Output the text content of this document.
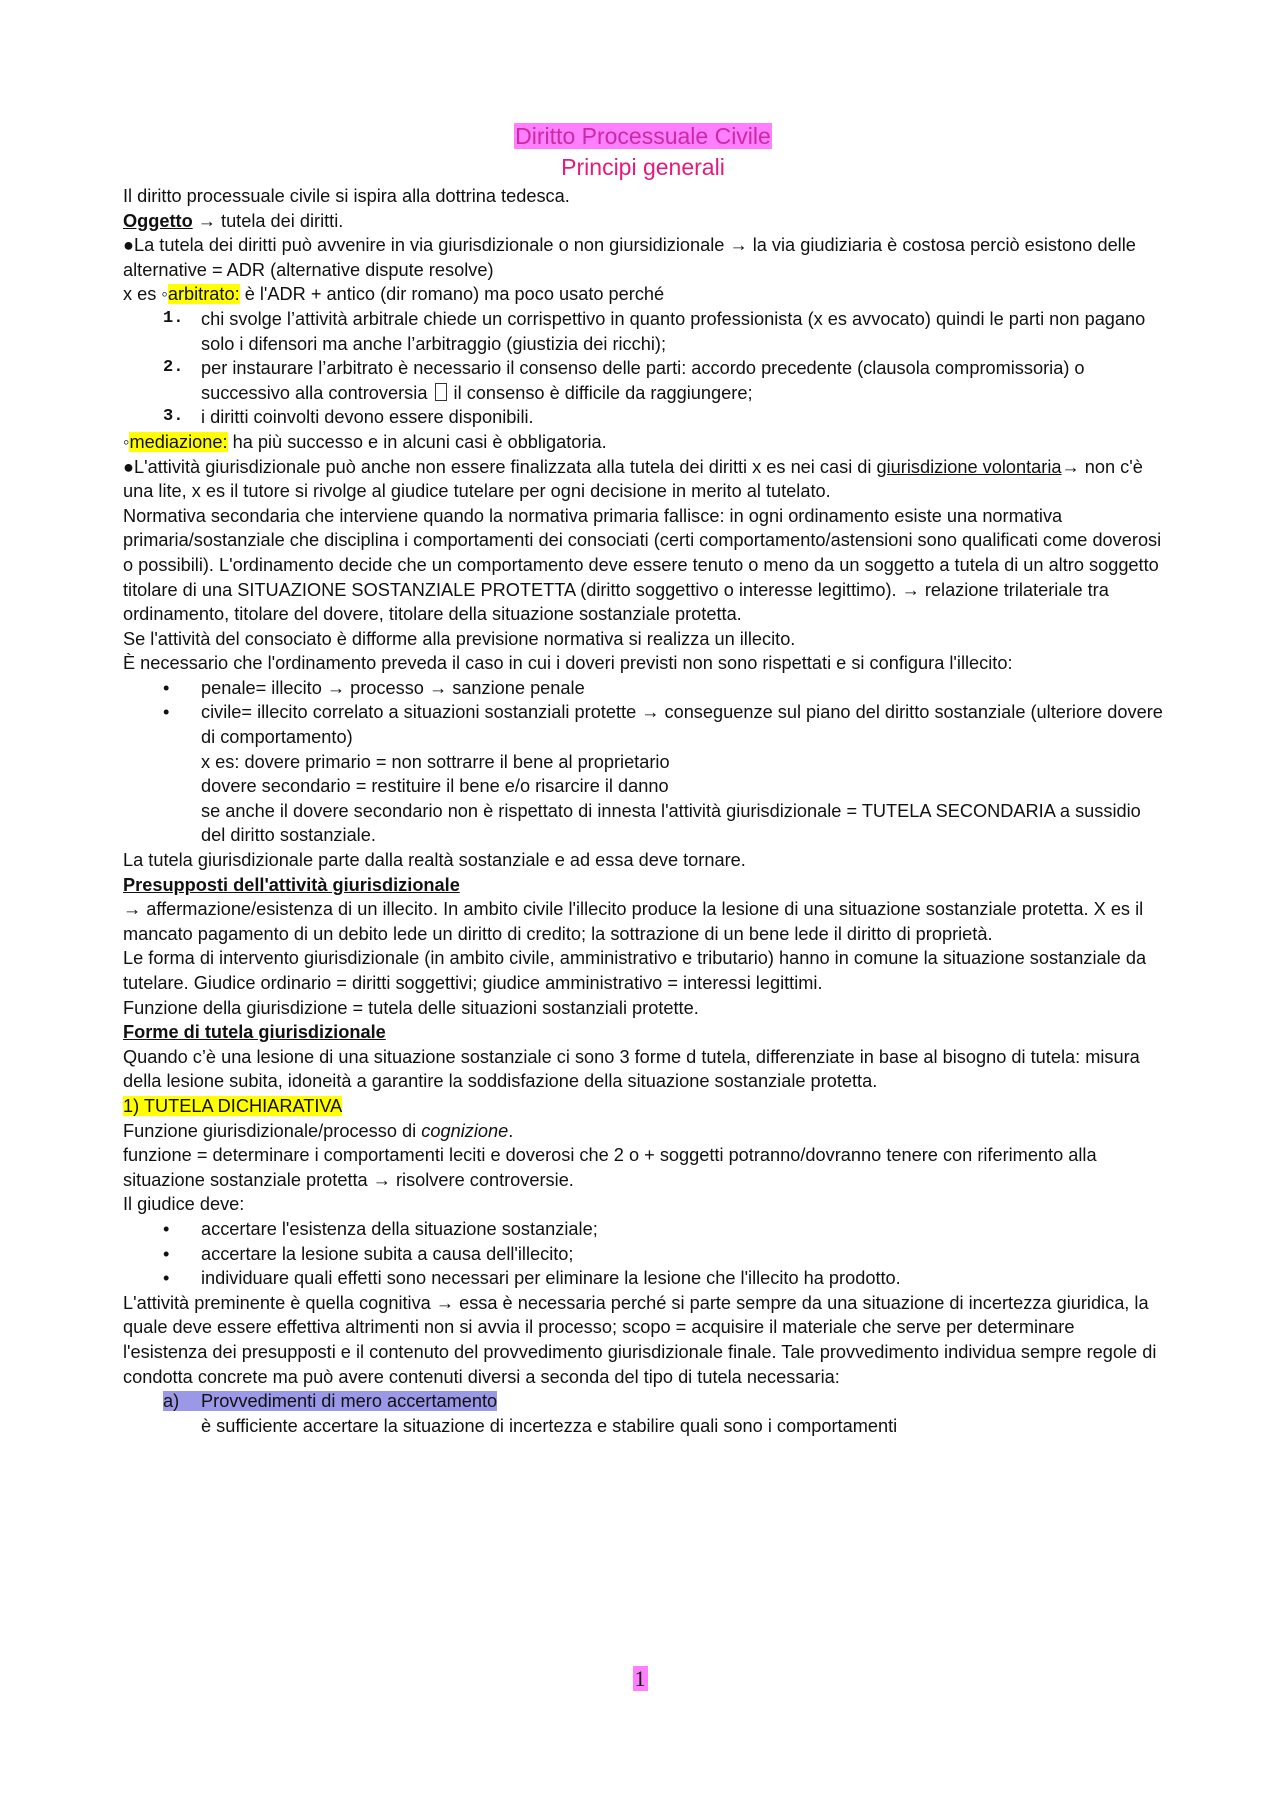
Diritto Processuale Civile
Principi generali

Il diritto processuale civile si ispira alla dottrina tedesca.

Oggetto → tutela dei diritti.

●La tutela dei diritti può avvenire in via giurisdizionale o non giursidizionale → la via giudiziaria è costosa perciò esistono delle alternative = ADR (alternative dispute resolve)

x es ◦arbitrato: è l'ADR + antico (dir romano) ma poco usato perché

1. chi svolge l’attività arbitrale chiede un corrispettivo in quanto professionista (x es avvocato) quindi le parti non pagano solo i difensori ma anche l’arbitraggio (giustizia dei ricchi);
2. per instaurare l’arbitrato è necessario il consenso delle parti: accordo precedente (clausola compromissoria) o successivo alla controversia  il consenso è difficile da raggiungere;
3. i diritti coinvolti devono essere disponibili.

◦mediazione: ha più successo e in alcuni casi è obbligatoria.

●L'attività giurisdizionale può anche non essere finalizzata alla tutela dei diritti x es nei casi di giurisdizione volontaria→ non c'è una lite, x es il tutore si rivolge al giudice tutelare per ogni decisione in merito al tutelato.

Normativa secondaria che interviene quando la normativa primaria fallisce: in ogni ordinamento esiste una normativa primaria/sostanziale che disciplina i comportamenti dei consociati (certi comportamento/astensioni sono qualificati come doverosi o possibili). L'ordinamento decide che un comportamento deve essere tenuto o meno da un soggetto a tutela di un altro soggetto titolare di una SITUAZIONE SOSTANZIALE PROTETTA (diritto soggettivo o interesse legittimo). → relazione trilateriale tra ordinamento, titolare del dovere, titolare della situazione sostanziale protetta.

Se l'attività del consociato è difforme alla previsione normativa si realizza un illecito.

È necessario che l'ordinamento preveda il caso in cui i doveri previsti non sono rispettati e si configura l'illecito:

• penale= illecito → processo → sanzione penale
• civile= illecito correlato a situazioni sostanziali protette → conseguenze sul piano del diritto sostanziale (ulteriore dovere di comportamento)

x es: dovere primario = non sottrarre il bene al proprietario

dovere secondario = restituire il bene e/o risarcire il danno

se anche il dovere secondario non è rispettato di innesta l'attività giurisdizionale = TUTELA SECONDARIA a sussidio del diritto sostanziale.

La tutela giurisdizionale parte dalla realtà sostanziale e ad essa deve tornare.

Presupposti dell'attività giurisdizionale

→ affermazione/esistenza di un illecito. In ambito civile l'illecito produce la lesione di una situazione sostanziale protetta. X es il mancato pagamento di un debito lede un diritto di credito; la sottrazione di un bene lede il diritto di proprietà.

Le forma di intervento giurisdizionale (in ambito civile, amministrativo e tributario) hanno in comune la situazione sostanziale da tutelare. Giudice ordinario = diritti soggettivi; giudice amministrativo = interessi legittimi.

Funzione della giurisdizione = tutela delle situazioni sostanziali protette.

Forme di tutela giurisdizionale

Quando c’è una lesione di una situazione sostanziale ci sono 3 forme d tutela, differenziate in base al bisogno di tutela: misura della lesione subita, idoneità a garantire la soddisfazione della situazione sostanziale protetta.

1) TUTELA DICHIARATIVA

Funzione giurisdizionale/processo di cognizione.

funzione = determinare i comportamenti leciti e doverosi che 2 o + soggetti potranno/dovranno tenere con riferimento alla situazione sostanziale protetta → risolvere controversie.

Il giudice deve:

• accertare l'esistenza della situazione sostanziale;
• accertare la lesione subita a causa dell'illecito;
• individuare quali effetti sono necessari per eliminare la lesione che l'illecito ha prodotto.

L'attività preminente è quella cognitiva → essa è necessaria perché si parte sempre da una situazione di incertezza giuridica, la quale deve essere effettiva altrimenti non si avvia il processo; scopo = acquisire il materiale che serve per determinare l'esistenza dei presupposti e il contenuto del provvedimento giurisdizionale finale. Tale provvedimento individua sempre regole di condotta concrete ma può avere contenuti diversi a seconda del tipo di tutela necessaria:

a) Provvedimenti di mero accertamento

è sufficiente accertare la situazione di incertezza e stabilire quali sono i comportamenti

1
